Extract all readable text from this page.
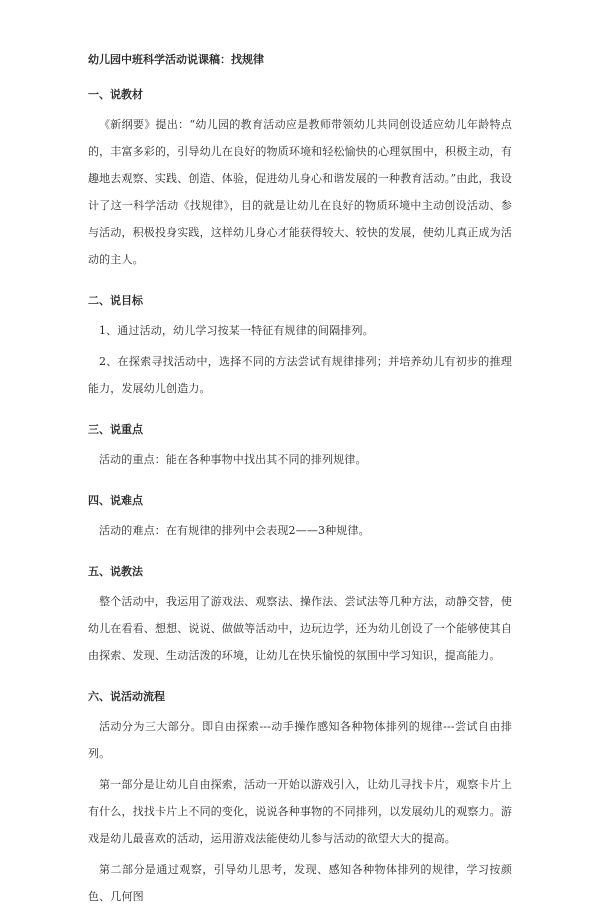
幼儿园中班科学活动说课稿：找规律
一、说教材
《新纲要》提出：“幼儿园的教育活动应是教师带领幼儿共同创设适应幼儿年龄特点的，丰富多彩的，引导幼儿在良好的物质环境和轻松愉快的心理氛围中，积极主动，有趣地去观察、实践、创造、体验，促进幼儿身心和谐发展的一种教育活动。”由此，我设计了这一科学活动《找规律》，目的就是让幼儿在良好的物质环境中主动创设活动、参与活动，积极投身实践，这样幼儿身心才能获得较大、较快的发展，使幼儿真正成为活动的主人。
二、说目标
1、通过活动，幼儿学习按某一特征有规律的间隔排列。
2、在探索寻找活动中，选择不同的方法尝试有规律排列；并培养幼儿有初步的推理能力，发展幼儿创造力。
三、说重点
活动的重点：能在各种事物中找出其不同的排列规律。
四、说难点
活动的难点：在有规律的排列中会表现2——3种规律。
五、说教法
整个活动中，我运用了游戏法、观察法、操作法、尝试法等几种方法，动静交替，使幼儿在看看、想想、说说、做做等活动中，边玩边学，还为幼儿创设了一个能够使其自由探索、发现、生动活泼的环境，让幼儿在快乐愉悦的氛围中学习知识，提高能力。
六、说活动流程
活动分为三大部分。即自由探索---动手操作感知各种物体排列的规律---尝试自由排列。
第一部分是让幼儿自由探索，活动一开始以游戏引入，让幼儿寻找卡片，观察卡片上有什么，找找卡片上不同的变化，说说各种事物的不同排列，以发展幼儿的观察力。游戏是幼儿最喜欢的活动，运用游戏法能使幼儿参与活动的欲望大大的提高。
第二部分是通过观察，引导幼儿思考，发现、感知各种物体排列的规律，学习按颜色、几何图
